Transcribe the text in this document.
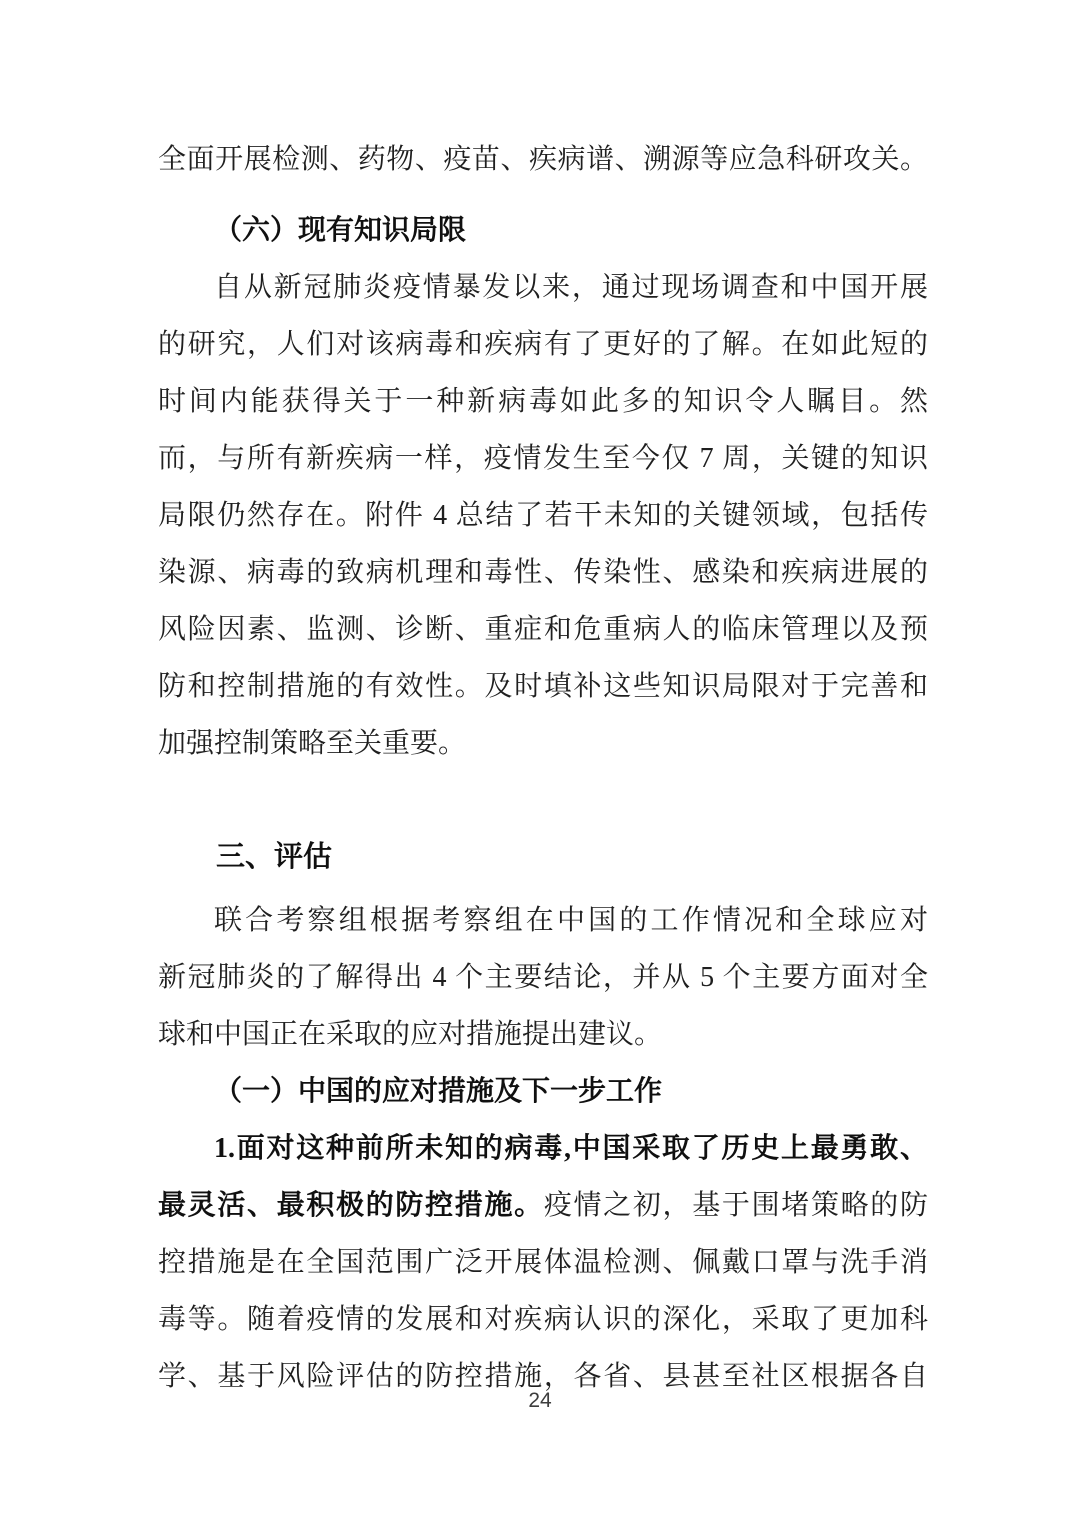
全面开展检测、药物、疫苗、疾病谱、溯源等应急科研攻关。
（六）现有知识局限
自从新冠肺炎疫情暴发以来，通过现场调查和中国开展
的研究，人们对该病毒和疾病有了更好的了解。在如此短的
时间内能获得关于一种新病毒如此多的知识令人瞩目。然
而，与所有新疾病一样，疫情发生至今仅 7 周，关键的知识
局限仍然存在。附件 4 总结了若干未知的关键领域，包括传
染源、病毒的致病机理和毒性、传染性、感染和疾病进展的
风险因素、监测、诊断、重症和危重病人的临床管理以及预
防和控制措施的有效性。及时填补这些知识局限对于完善和
加强控制策略至关重要。
三、评估
联合考察组根据考察组在中国的工作情况和全球应对
新冠肺炎的了解得出 4 个主要结论，并从 5 个主要方面对全
球和中国正在采取的应对措施提出建议。
（一）中国的应对措施及下一步工作
1.面对这种前所未知的病毒,中国采取了历史上最勇敢、
最灵活、最积极的防控措施。疫情之初，基于围堵策略的防
控措施是在全国范围广泛开展体温检测、佩戴口罩与洗手消
毒等。随着疫情的发展和对疾病认识的深化，采取了更加科
学、基于风险评估的防控措施，各省、县甚至社区根据各自
24
